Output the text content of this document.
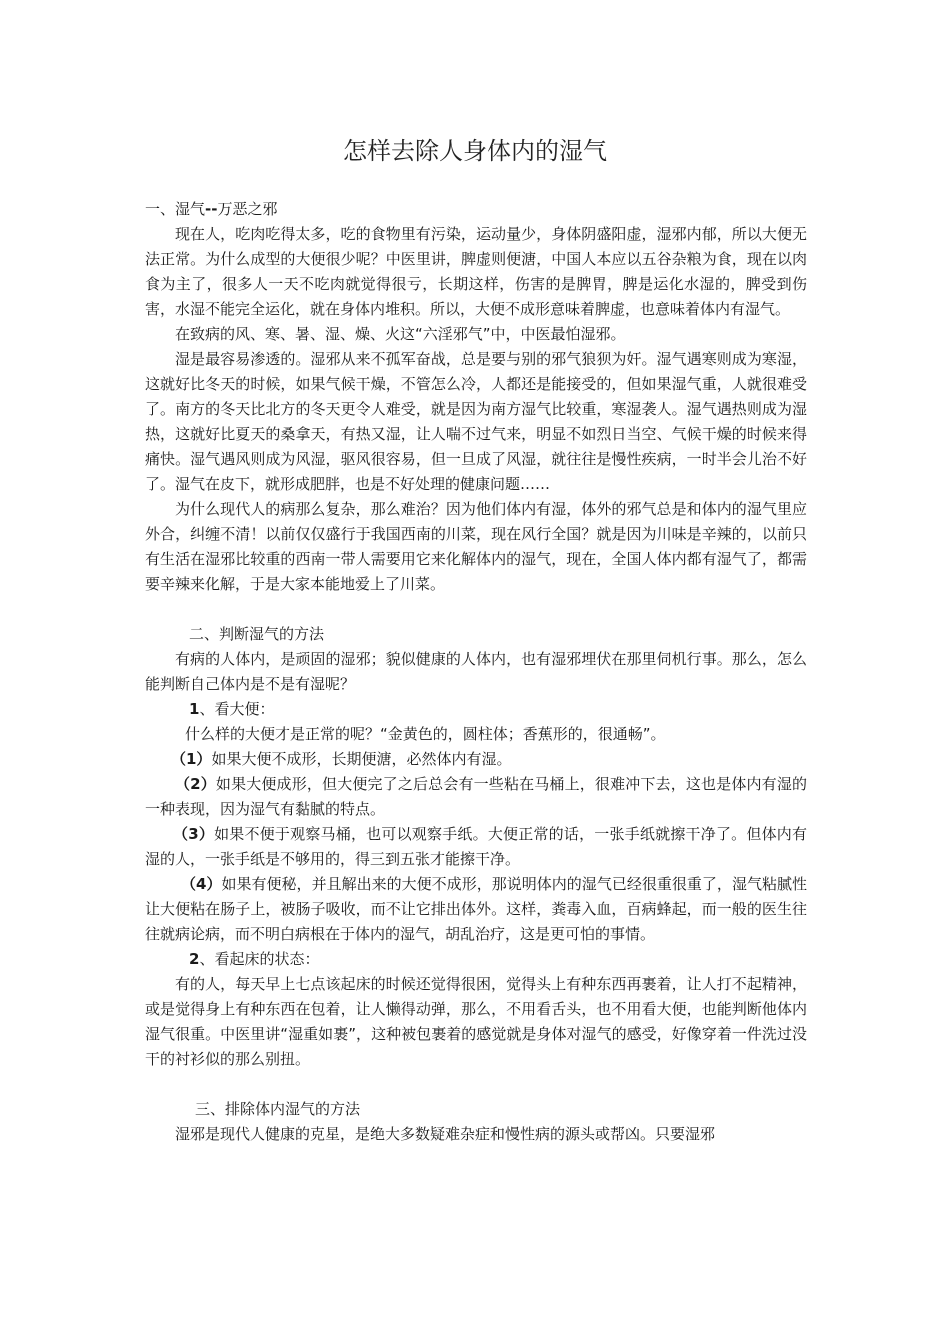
怎样去除人身体内的湿气

一、湿气--万恶之邪

现在人，吃肉吃得太多，吃的食物里有污染，运动量少，身体阴盛阳虚，湿邪内郁，所以大便无法正常。为什么成型的大便很少呢？中医里讲，脾虚则便溏，中国人本应以五谷杂粮为食，现在以肉食为主了，很多人一天不吃肉就觉得很亏，长期这样，伤害的是脾胃，脾是运化水湿的，脾受到伤害，水湿不能完全运化，就在身体内堆积。所以，大便不成形意味着脾虚，也意味着体内有湿气。

在致病的风、寒、暑、湿、燥、火这“六淫邪气”中，中医最怕湿邪。

湿是最容易渗透的。湿邪从来不孤军奋战，总是要与别的邪气狼狈为奸。湿气遇寒则成为寒湿，这就好比冬天的时候，如果气候干燥，不管怎么冷，人都还是能接受的，但如果湿气重，人就很难受了。南方的冬天比北方的冬天更令人难受，就是因为南方湿气比较重，寒湿袭人。湿气遇热则成为湿热，这就好比夏天的桑拿天，有热又湿，让人喘不过气来，明显不如烈日当空、气候干燥的时候来得痛快。湿气遇风则成为风湿，驱风很容易，但一旦成了风湿，就往往是慢性疾病，一时半会儿治不好了。湿气在皮下，就形成肥胖，也是不好处理的健康问题……

为什么现代人的病那么复杂，那么难治？因为他们体内有湿，体外的邪气总是和体内的湿气里应外合，纠缠不清！以前仅仅盛行于我国西南的川菜，现在风行全国？就是因为川味是辛辣的，以前只有生活在湿邪比较重的西南一带人需要用它来化解体内的湿气，现在，全国人体内都有湿气了，都需要辛辣来化解，于是大家本能地爱上了川菜。

二、判断湿气的方法

有病的人体内，是顽固的湿邪；貌似健康的人体内，也有湿邪埋伏在那里伺机行事。那么，怎么能判断自己体内是不是有湿呢？

1、看大便：

什么样的大便才是正常的呢？“金黄色的，圆柱体；香蕉形的，很通畅”。

（1）如果大便不成形，长期便溏，必然体内有湿。

（2）如果大便成形，但大便完了之后总会有一些粘在马桶上，很难冲下去，这也是体内有湿的一种表现，因为湿气有黏腻的特点。

（3）如果不便于观察马桶，也可以观察手纸。大便正常的话，一张手纸就擦干净了。但体内有湿的人，一张手纸是不够用的，得三到五张才能擦干净。

（4）如果有便秘，并且解出来的大便不成形，那说明体内的湿气已经很重很重了，湿气粘腻性让大便粘在肠子上，被肠子吸收，而不让它排出体外。这样，粪毒入血，百病蜂起，而一般的医生往往就病论病，而不明白病根在于体内的湿气，胡乱治疗，这是更可怕的事情。

2、看起床的状态：

有的人，每天早上七点该起床的时候还觉得很困，觉得头上有种东西再裹着，让人打不起精神，或是觉得身上有种东西在包着，让人懒得动弹，那么，不用看舌头，也不用看大便，也能判断他体内湿气很重。中医里讲“湿重如裹”，这种被包裹着的感觉就是身体对湿气的感受，好像穿着一件洗过没干的衬衫似的那么别扭。

三、排除体内湿气的方法

湿邪是现代人健康的克星，是绝大多数疑难杂症和慢性病的源头或帮凶。只要湿邪
